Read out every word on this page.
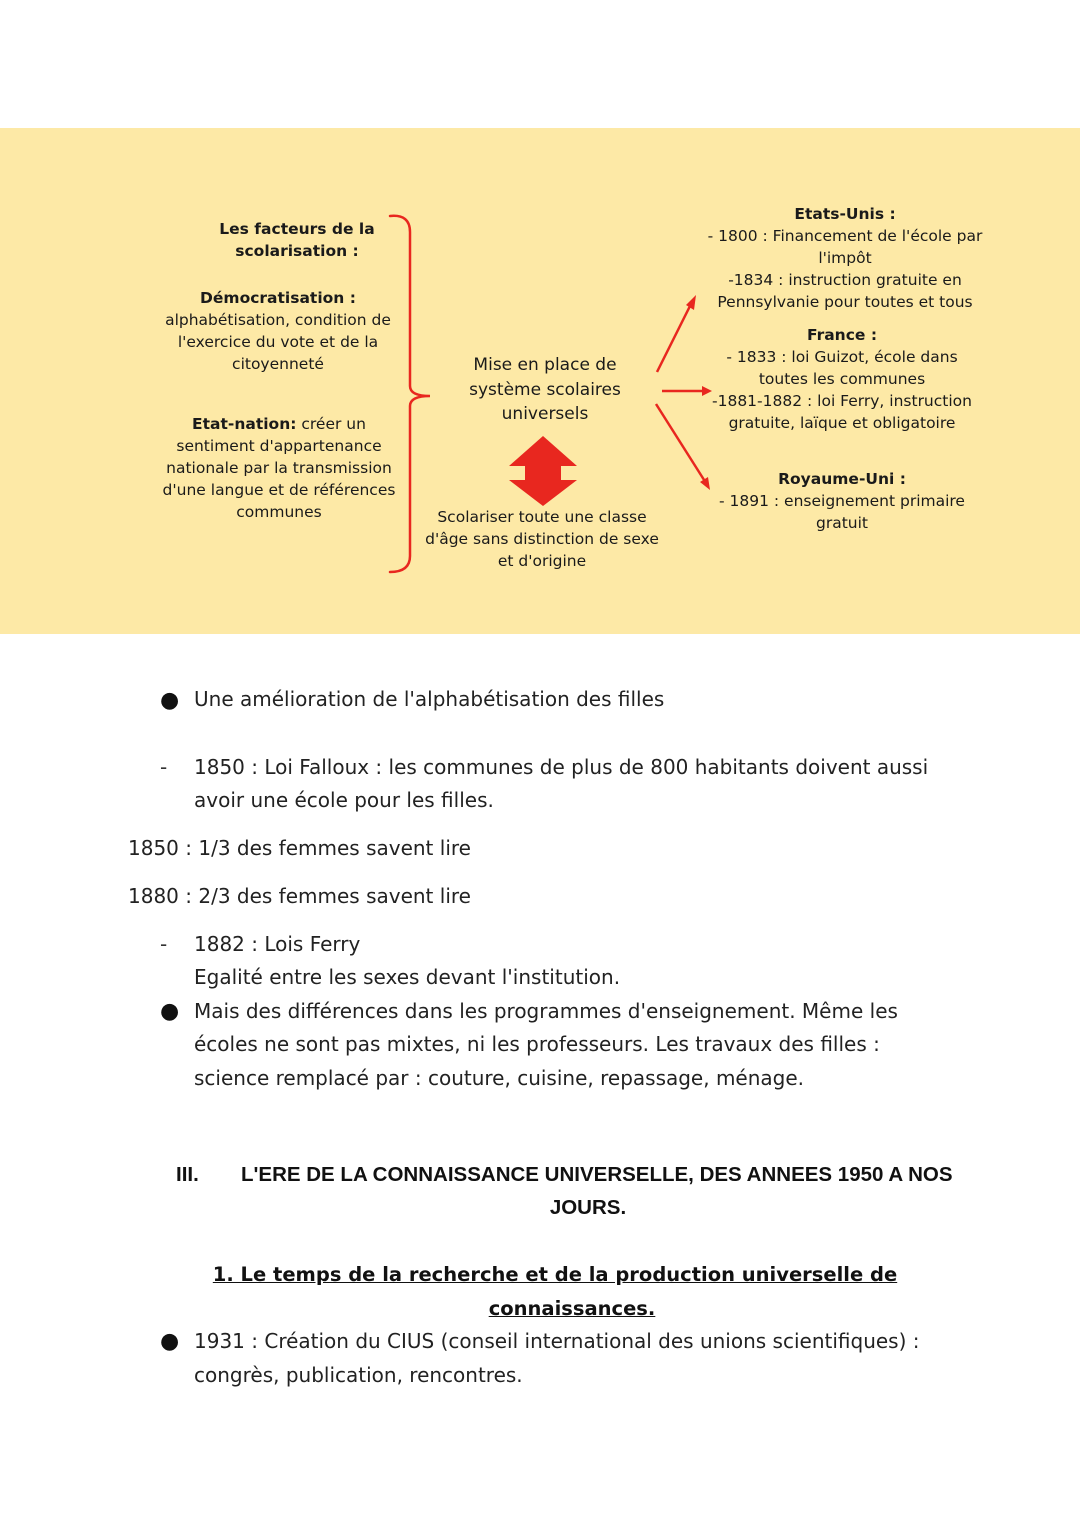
Les facteurs de la scolarisation :
Démocratisation :
alphabétisation, condition de l'exercice du vote et de la citoyenneté
Etat-nation: créer un sentiment d'appartenance nationale par la transmission d'une langue et de références communes
Mise en place de système scolaires universels
Scolariser toute une classe d'âge sans distinction de sexe et d'origine
Etats-Unis :
- 1800 : Financement de l'école par l'impôt
-1834 : instruction gratuite en Pennsylvanie pour toutes et tous
France :
- 1833 : loi Guizot, école dans toutes les communes
-1881-1882 : loi Ferry, instruction gratuite, laïque et obligatoire
Royaume-Uni :
- 1891 : enseignement primaire gratuit
● Une amélioration de l'alphabétisation des filles
- 1850 : Loi Falloux : les communes de plus de 800 habitants doivent aussi
avoir une école pour les filles.
1850 : 1/3 des femmes savent lire
1880 : 2/3 des femmes savent lire
- 1882 : Lois Ferry
Egalité entre les sexes devant l'institution.
● Mais des différences dans les programmes d'enseignement. Même les
écoles ne sont pas mixtes, ni les professeurs. Les travaux des filles :
science remplacé par : couture, cuisine, repassage, ménage.
III. L'ERE DE LA CONNAISSANCE UNIVERSELLE, DES ANNEES 1950 A NOS
JOURS.
1. Le temps de la recherche et de la production universelle de
connaissances.
● 1931 : Création du CIUS (conseil international des unions scientifiques) :
congrès, publication, rencontres.
